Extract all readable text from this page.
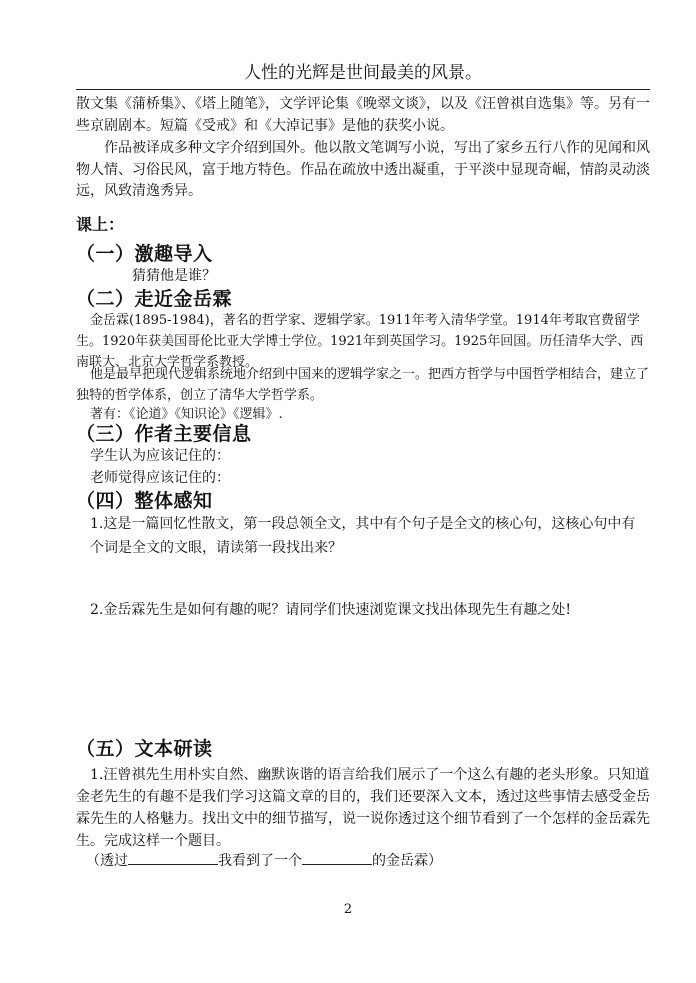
人性的光辉是世间最美的风景。
散文集《蒲桥集》、《塔上随笔》，文学评论集《晚翠文谈》，以及《汪曾祺自选集》等。另有一些京剧剧本。短篇《受戒》和《大淖记事》是他的获奖小说。
作品被译成多种文字介绍到国外。他以散文笔调写小说，写出了家乡五行八作的见闻和风物人情、习俗民风，富于地方特色。作品在疏放中透出凝重，于平淡中显现奇崛，情韵灵动淡远，风致清逸秀异。
课上：
（一）激趣导入
猜猜他是谁？
（二）走近金岳霖
金岳霖(1895-1984)，著名的哲学家、逻辑学家。1911年考入清华学堂。1914年考取官费留学生。1920年获美国哥伦比亚大学博士学位。1921年到英国学习。1925年回国。历任清华大学、西南联大、北京大学哲学系教授。
他是最早把现代逻辑系统地介绍到中国来的逻辑学家之一。把西方哲学与中国哲学相结合，建立了独特的哲学体系，创立了清华大学哲学系。
著有：《论道》《知识论》《逻辑》.
（三）作者主要信息
学生认为应该记住的：
老师觉得应该记住的：
（四）整体感知
1.这是一篇回忆性散文，第一段总领全文，其中有个句子是全文的核心句，这核心句中有个词是全文的文眼，请读第一段找出来？
2.金岳霖先生是如何有趣的呢？请同学们快速浏览课文找出体现先生有趣之处!
（五）文本研读
1.汪曾祺先生用朴实自然、幽默诙谐的语言给我们展示了一个这么有趣的老头形象。只知道金老先生的有趣不是我们学习这篇文章的目的，我们还要深入文本，透过这些事情去感受金岳霖先生的人格魅力。找出文中的细节描写，说一说你透过这个细节看到了一个怎样的金岳霖先生。完成这样一个题目。
（透过	我看到了一个	的金岳霖）
2
